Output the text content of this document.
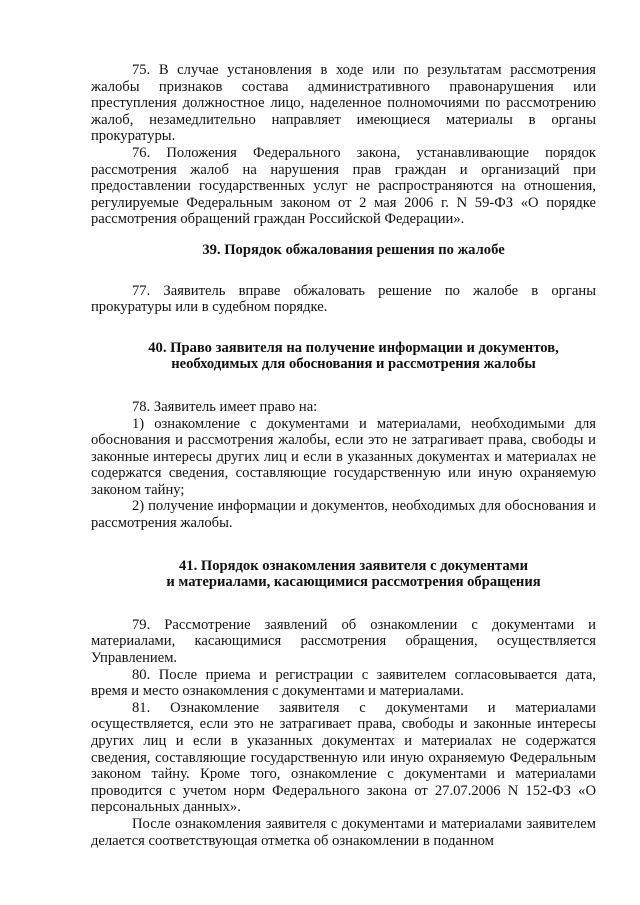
75. В случае установления в ходе или по результатам рассмотрения жалобы признаков состава административного правонарушения или преступления должностное лицо, наделенное полномочиями по рассмотрению жалоб, незамедлительно направляет имеющиеся материалы в органы прокуратуры.

76. Положения Федерального закона, устанавливающие порядок рассмотрения жалоб на нарушения прав граждан и организаций при предоставлении государственных услуг не распространяются на отношения, регулируемые Федеральным законом от 2 мая 2006 г. N 59-ФЗ «О порядке рассмотрения обращений граждан Российской Федерации».

39. Порядок обжалования решения по жалобе

77. Заявитель вправе обжаловать решение по жалобе в органы прокуратуры или в судебном порядке.

40. Право заявителя на получение информации и документов,

необходимых для обоснования и рассмотрения жалобы

78. Заявитель имеет право на:

1) ознакомление с документами и материалами, необходимыми для обоснования и рассмотрения жалобы, если это не затрагивает права, свободы и законные интересы других лиц и если в указанных документах и материалах не содержатся сведения, составляющие государственную или иную охраняемую законом тайну;

2) получение информации и документов, необходимых для обоснования и рассмотрения жалобы.

41. Порядок ознакомления заявителя с документами

и материалами, касающимися рассмотрения обращения

79. Рассмотрение заявлений об ознакомлении с документами и материалами, касающимися рассмотрения обращения, осуществляется Управлением.

80. После приема и регистрации с заявителем согласовывается дата, время и место ознакомления с документами и материалами.

81. Ознакомление заявителя с документами и материалами осуществляется, если это не затрагивает права, свободы и законные интересы других лиц и если в указанных документах и материалах не содержатся сведения, составляющие государственную или иную охраняемую Федеральным законом тайну. Кроме того, ознакомление с документами и материалами проводится с учетом норм Федерального закона от 27.07.2006 N 152-ФЗ «О персональных данных».

После ознакомления заявителя с документами и материалами заявителем делается соответствующая отметка об ознакомлении в поданном
